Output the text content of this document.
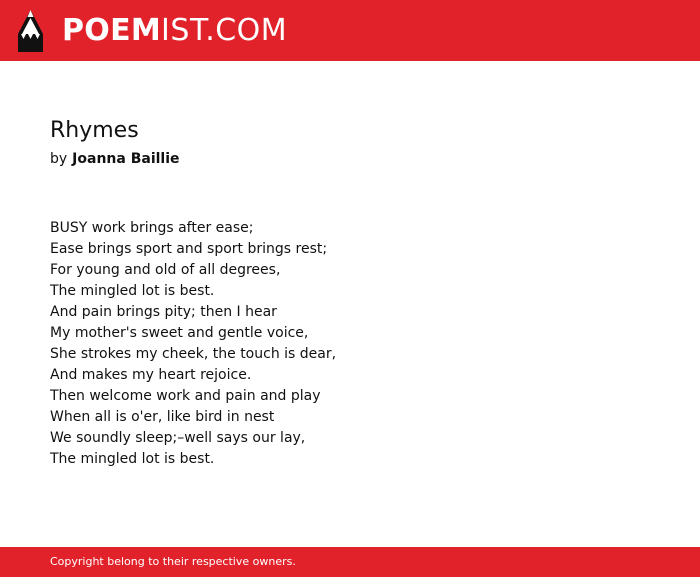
POEMIST.COM
Rhymes
by Joanna Baillie
BUSY work brings after ease;
Ease brings sport and sport brings rest;
For young and old of all degrees,
The mingled lot is best.
And pain brings pity; then I hear
My mother's sweet and gentle voice,
She strokes my cheek, the touch is dear,
And makes my heart rejoice.
Then welcome work and pain and play
When all is o'er, like bird in nest
We soundly sleep;–well says our lay,
The mingled lot is best.
Copyright belong to their respective owners.
